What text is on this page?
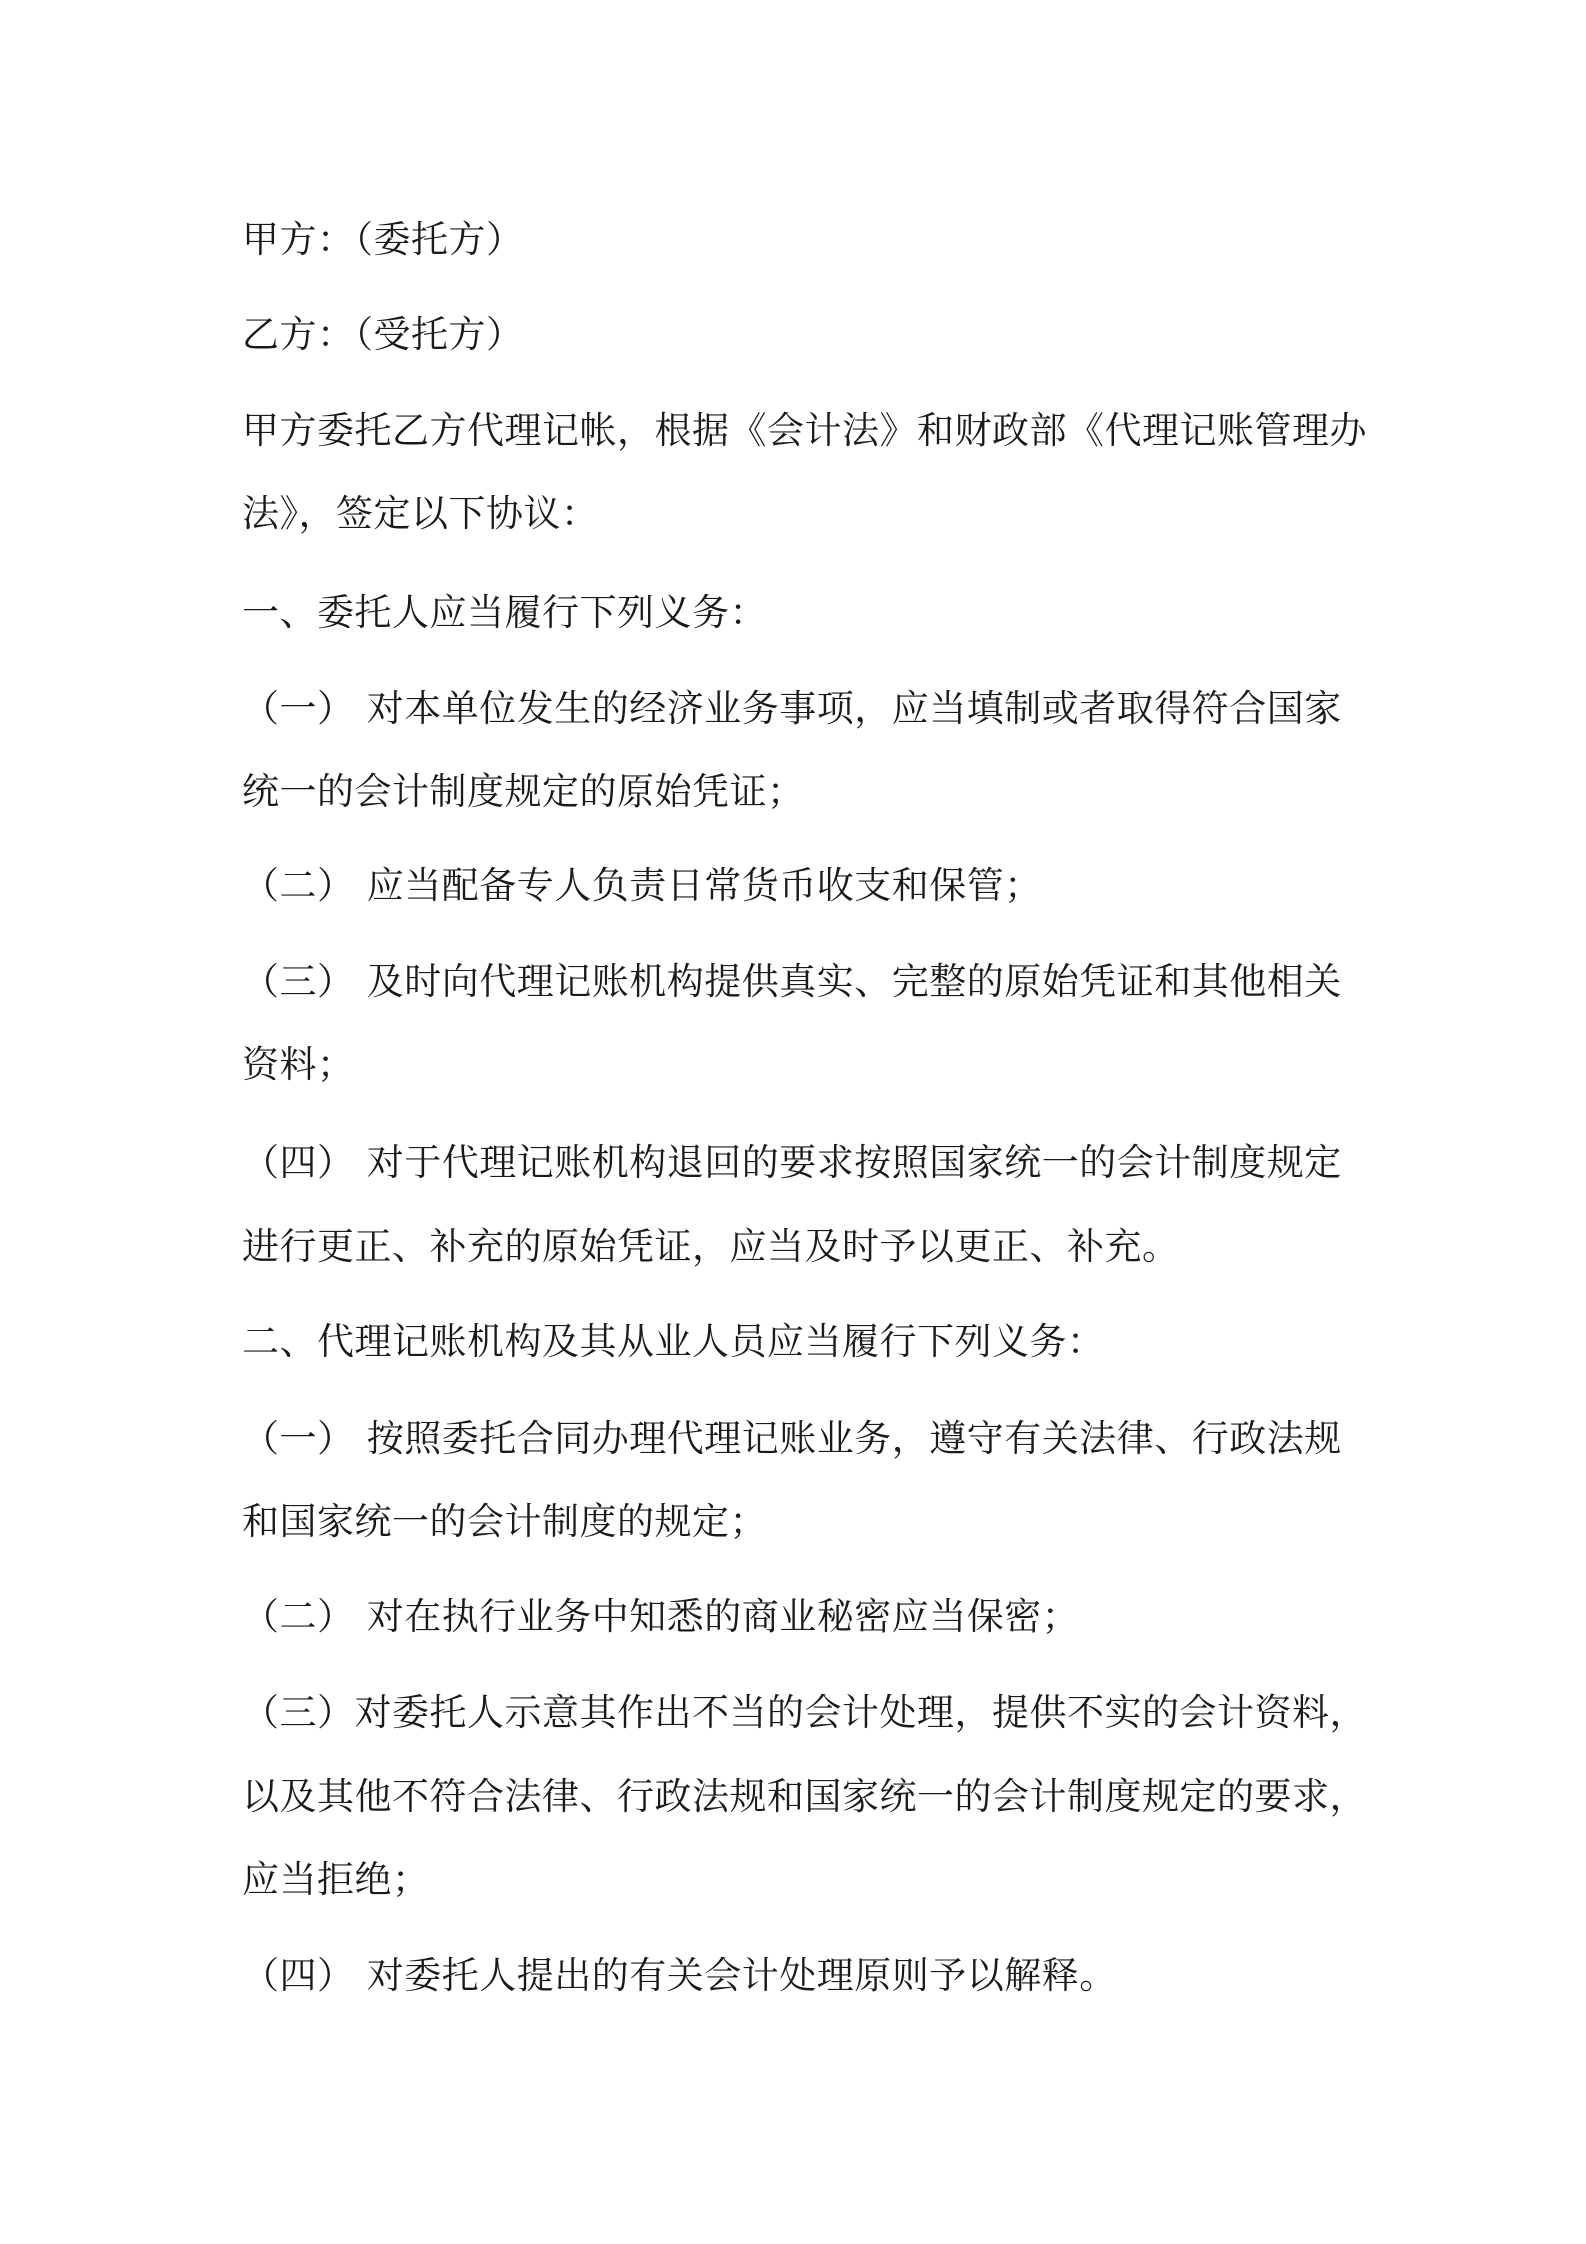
甲方：（委托方）
乙方：（受托方）
甲方委托乙方代理记帐，根据《会计法》和财政部《代理记账管理办
法》，签定以下协议：
一、委托人应当履行下列义务：
（一） 对本单位发生的经济业务事项，应当填制或者取得符合国家
统一的会计制度规定的原始凭证；
（二） 应当配备专人负责日常货币收支和保管；
（三） 及时向代理记账机构提供真实、完整的原始凭证和其他相关
资料；
（四） 对于代理记账机构退回的要求按照国家统一的会计制度规定
进行更正、补充的原始凭证，应当及时予以更正、补充。
二、代理记账机构及其从业人员应当履行下列义务：
（一） 按照委托合同办理代理记账业务，遵守有关法律、行政法规
和国家统一的会计制度的规定；
（二） 对在执行业务中知悉的商业秘密应当保密；
（三）对委托人示意其作出不当的会计处理，提供不实的会计资料，
以及其他不符合法律、行政法规和国家统一的会计制度规定的要求，
应当拒绝；
（四） 对委托人提出的有关会计处理原则予以解释。
